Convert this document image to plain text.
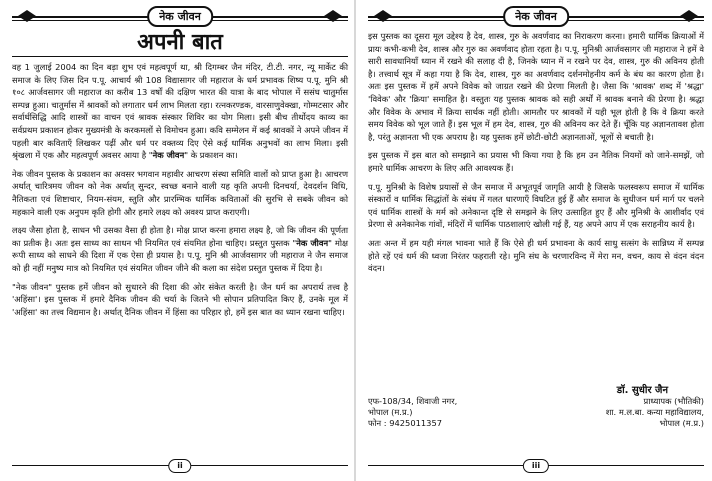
नेक जीवन
अपनी बात

वह 1 जुलाई 2004 का दिन बड़ा शुभ एवं महत्वपूर्ण था, श्री दिगम्बर जैन मंदिर, टी.टी. नगर, न्यू मार्केट की समाज के लिए जिस दिन प.पू. आचार्य श्री 108 विद्यासागर जी महाराज के धर्म प्रभावक शिष्य प.पू. मुनि श्री १०८ आर्जवसागर जी महाराज का करीब 13 वर्षों की दक्षिण भारत की यात्रा के बाद भोपाल में ससंघ चातुर्मास सम्पन्न हुआ। चातुर्मास में श्रावकों को लगातार धर्म लाभ मिलता रहा। रत्नकरण्डक, वारसाणुवेक्खा, गोम्मटसार और सर्वार्थसिद्धि आदि शास्त्रों का वाचन एवं श्रावक संस्कार शिविर का योग मिला। इसी बीच तीर्थोदय काव्य का सर्वप्रथम प्रकाशन होकर मुख्यमंत्री के करकमलों से विमोचन हुआ। कवि सम्मेलन में कई श्रावकों ने अपने जीवन में पहली बार कविताएँ लिखकर पढ़ीं और धर्म पर वक्तव्य दिए ऐसे कई धार्मिक अनुभवों का लाभ मिला। इसी श्रृंखला में एक और महत्वपूर्ण अवसर आया है "नेक जीवन" के प्रकाशन का।

नेक जीवन पुस्तक के प्रकाशन का अवसर भगवान महावीर आचरण संस्था समिति वालों को प्राप्त हुआ है। आचरण अर्थात् चारित्रमय जीवन को नेक अर्थात् सुन्दर, स्वच्छ बनाने वाली यह कृति अपनी दिनचर्या, देवदर्शन विधि, नैतिकता एवं शिष्टाचार, नियम-संयम, स्तुति और प्रारम्भिक धार्मिक कविताओं की सुरभि से सबके जीवन को महकाने वाली एक अनुपम कृति होगी और हमारे लक्ष्य को अवश्य प्राप्त कराएगी।

लक्ष्य जैसा होता है, साधन भी उसका वैसा ही होता है। मोक्ष प्राप्त करना हमारा लक्ष्य है, जो कि जीवन की पूर्णता का प्रतीक है। अतः इस साध्य का साधन भी नियमित एवं संयमित होना चाहिए। प्रस्तुत पुस्तक "नेक जीवन" मोक्ष रूपी साध्य को साधने की दिशा में एक ऐसा ही प्रयास है। प.पू. मुनि श्री आर्जवसागर जी महाराज ने जैन समाज को ही नहीं मनुष्य मात्र को नियमित एवं संयमित जीवन जीने की कला का संदेश प्रस्तुत पुस्तक में दिया है।

"नेक जीवन" पुस्तक हमें जीवन को सुधारने की दिशा की ओर संकेत करती है। जैन धर्म का अपरार्थ तत्त्व है 'अहिंसा'। इस पुस्तक में हमारे दैनिक जीवन की चर्या के जितने भी सोपान प्रतिपादित किए हैं, उनके मूल में 'अहिंसा' का तत्त्व विद्यमान है। अर्थात् दैनिक जीवन में हिंसा का परिहार हो, हमें इस बात का ध्यान रखना चाहिए।

ii
नेक जीवन

इस पुस्तक का दूसरा मूल उद्देश्य है देव, शास्त्र, गुरु के अवर्णवाद का निराकरण करना। हमारी धार्मिक क्रियाओं में प्रायः कभी-कभी देव, शास्त्र और गुरु का अवर्णवाद होता रहता है। प.पू. मुनिश्री आर्जवसागर जी महाराज ने हमें वे सारी सावधानियाँ ध्यान में रखने की सलाह दी है, जिनके ध्यान में न रखने पर देव, शास्त्र, गुरु की अविनय होती है। तत्त्वार्थ सूत्र में कहा गया है कि देव, शास्त्र, गुरु का अवर्णवाद दर्शनमोहनीय कर्म के बंध का कारण होता है। अतः इस पुस्तक में हमें अपने विवेक को जाग्रत रखने की प्रेरणा मिलती है। जैसा कि 'श्रावक' शब्द में 'श्रद्धा' 'विवेक' और 'क्रिया' समाहित है। वस्तुतः यह पुस्तक श्रावक को सही अर्थों में श्रावक बनाने की प्रेरणा है। श्रद्धा और विवेक के अभाव में क्रिया सार्थक नहीं होती। आमतौर पर श्रावकों में यही भूल होती है कि वे क्रिया करते समय विवेक को भूल जाते हैं। इस भूल में हम देव, शास्त्र, गुरु की अविनय कर देते हैं। चूँकि यह अज्ञानतावश होता है, परंतु अज्ञानता भी एक अपराध है। यह पुस्तक हमें छोटी-छोटी अज्ञानताओं, भूलों से बचाती है।

इस पुस्तक में इस बात को समझाने का प्रयास भी किया गया है कि हम उन नैतिक नियमों को जाने-समझें, जो हमारे धार्मिक आचरण के लिए अति आवश्यक हैं।

प.पू. मुनिश्री के विशेष प्रयासों से जैन समाज में अभूतपूर्व जागृति आयी है जिसके फलस्वरूप समाज में धार्मिक संस्कारों व धार्मिक सिद्धांतों के संबंध में गलत धारणाएँ विघटित हुई हैं और समाज के सुधीजन धर्म मार्ग पर चलने एवं धार्मिक शास्त्रों के मर्म को अनेकान्त दृष्टि से समझने के लिए उत्साहित हुए हैं और मुनिश्री के आशीर्वाद एवं प्रेरणा से अनेकानेक गांवों, मंदिरों में धार्मिक पाठशालाएं खोली गई हैं, यह अपने आप में एक सराहनीय कार्य है।

अतः अन्त में हम यही मंगल भावना भाते हैं कि ऐसे ही धर्म प्रभावना के कार्य साधु सत्संग के सान्निध्य में सम्पन्न होते रहें एवं धर्म की ध्वजा निरंतर फहराती रहे। मुनि संघ के चरणारविन्द में मेरा मन, वचन, काय से वंदन वंदन वंदन।

डॉ. सुधीर जैन
एफ-108/34, शिवाजी नगर,	प्राध्यापक (भौतिकी)
भोपाल (म.प्र.)	शा. म.ल.बा. कन्या महाविद्यालय,
फोन : 9425011357	भोपाल (म.प्र.)
iii
